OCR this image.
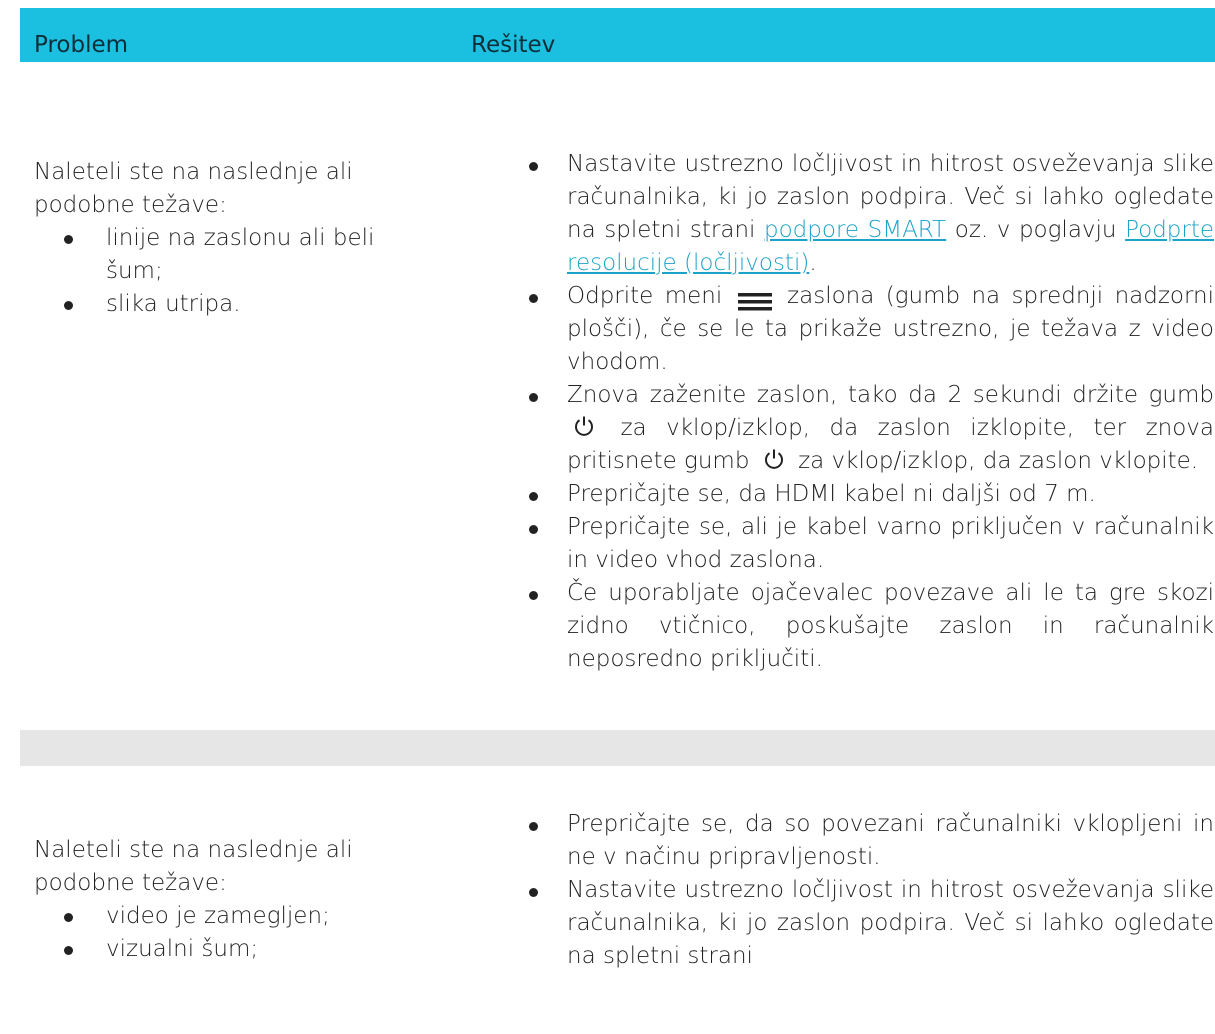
Problem	Rešitev

Naleteli ste na naslednje ali podobne težave:

linije na zaslonu ali beli šum;
slika utripa.
Nastavite ustrezno ločljivost in hitrost osveževanja slike računalnika, ki jo zaslon podpira. Več si lahko ogledate na spletni strani podpore SMART oz. v poglavju Podprte resolucije (ločljivosti).
Odprite meni	zaslona (gumb na sprednji nadzorni plošči), če se le ta prikaže ustrezno, je težava z video vhodom.
Znova zaženite zaslon, tako da 2 sekundi držite gumb  za vklop/izklop, da zaslon izklopite, ter znova pritisnete gumb za vklop/izklop, da zaslon vklopite.
Prepričajte se, da HDMI kabel ni daljši od 7 m.
Prepričajte se, ali je kabel varno priključen v računalnik in video vhod zaslona.
Če uporabljate ojačevalec povezave ali le ta gre skozi zidno vtičnico, poskušajte zaslon in računalnik neposredno priključiti.

Naleteli ste na naslednje ali podobne težave:

video je zamegljen;
vizualni šum;
Prepričajte se, da so povezani računalniki vklopljeni in ne v načinu pripravljenosti.
Nastavite ustrezno ločljivost in hitrost osveževanja slike računalnika, ki jo zaslon podpira. Več si lahko ogledate na spletni strani
